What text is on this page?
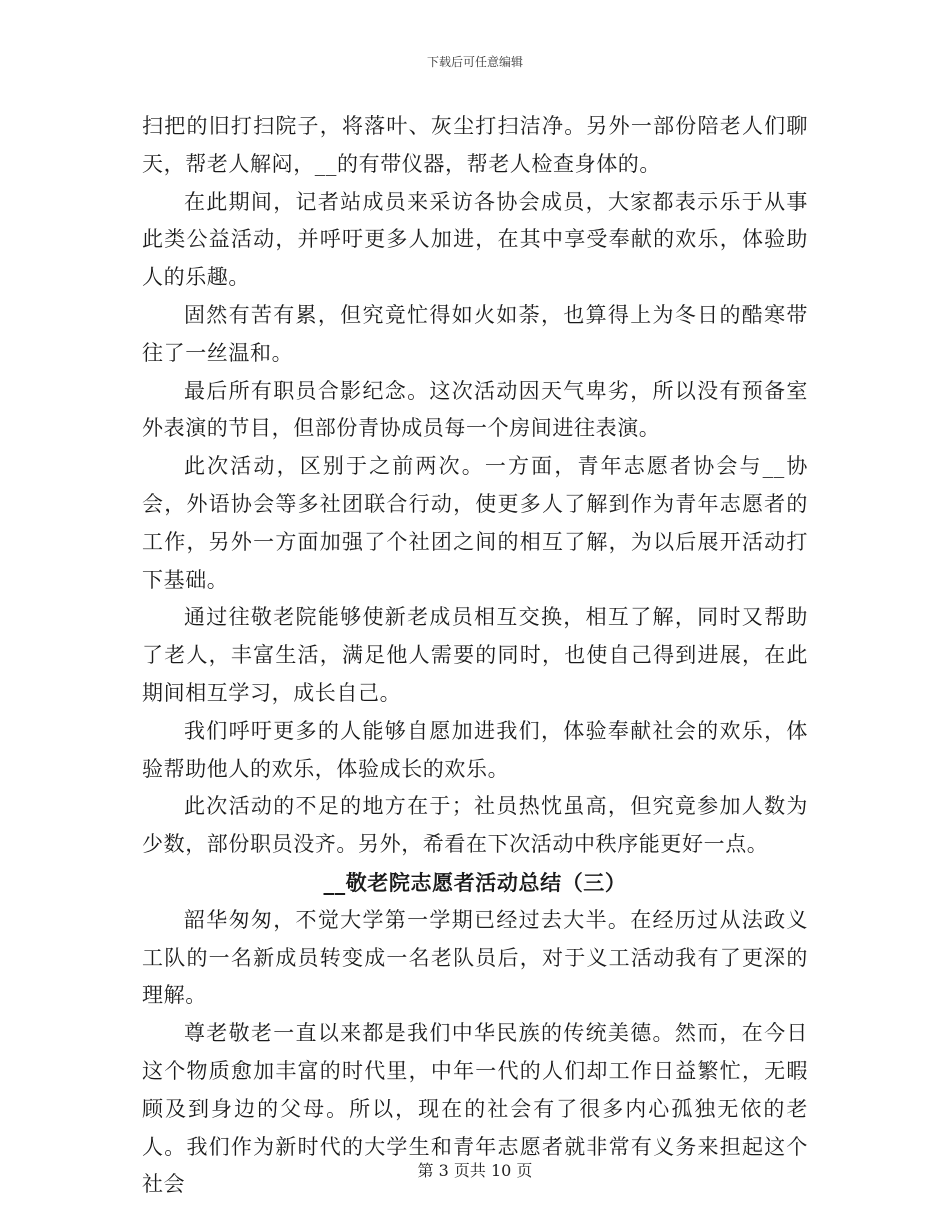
下载后可任意编辑

扫把的旧打扫院子，将落叶、灰尘打扫洁净。另外一部份陪老人们聊天，帮老人解闷，__的有带仪器，帮老人检查身体的。

在此期间，记者站成员来采访各协会成员，大家都表示乐于从事此类公益活动，并呼吁更多人加进，在其中享受奉献的欢乐，体验助人的乐趣。

固然有苦有累，但究竟忙得如火如荼，也算得上为冬日的酷寒带往了一丝温和。

最后所有职员合影纪念。这次活动因天气卑劣，所以没有预备室外表演的节目，但部份青协成员每一个房间进往表演。

此次活动，区别于之前两次。一方面，青年志愿者协会与__协会，外语协会等多社团联合行动，使更多人了解到作为青年志愿者的工作，另外一方面加强了个社团之间的相互了解，为以后展开活动打下基础。

通过往敬老院能够使新老成员相互交换，相互了解，同时又帮助了老人，丰富生活，满足他人需要的同时，也使自己得到进展，在此期间相互学习，成长自己。

我们呼吁更多的人能够自愿加进我们，体验奉献社会的欢乐，体验帮助他人的欢乐，体验成长的欢乐。

此次活动的不足的地方在于；社员热忱虽高，但究竟参加人数为少数，部份职员没齐。另外，希看在下次活动中秩序能更好一点。

__敬老院志愿者活动总结（三）

韶华匆匆，不觉大学第一学期已经过去大半。在经历过从法政义工队的一名新成员转变成一名老队员后，对于义工活动我有了更深的理解。

尊老敬老一直以来都是我们中华民族的传统美德。然而，在今日这个物质愈加丰富的时代里，中年一代的人们却工作日益繁忙，无暇顾及到身边的父母。所以，现在的社会有了很多内心孤独无依的老人。我们作为新时代的大学生和青年志愿者就非常有义务来担起这个社会

第 3 页共 10 页
